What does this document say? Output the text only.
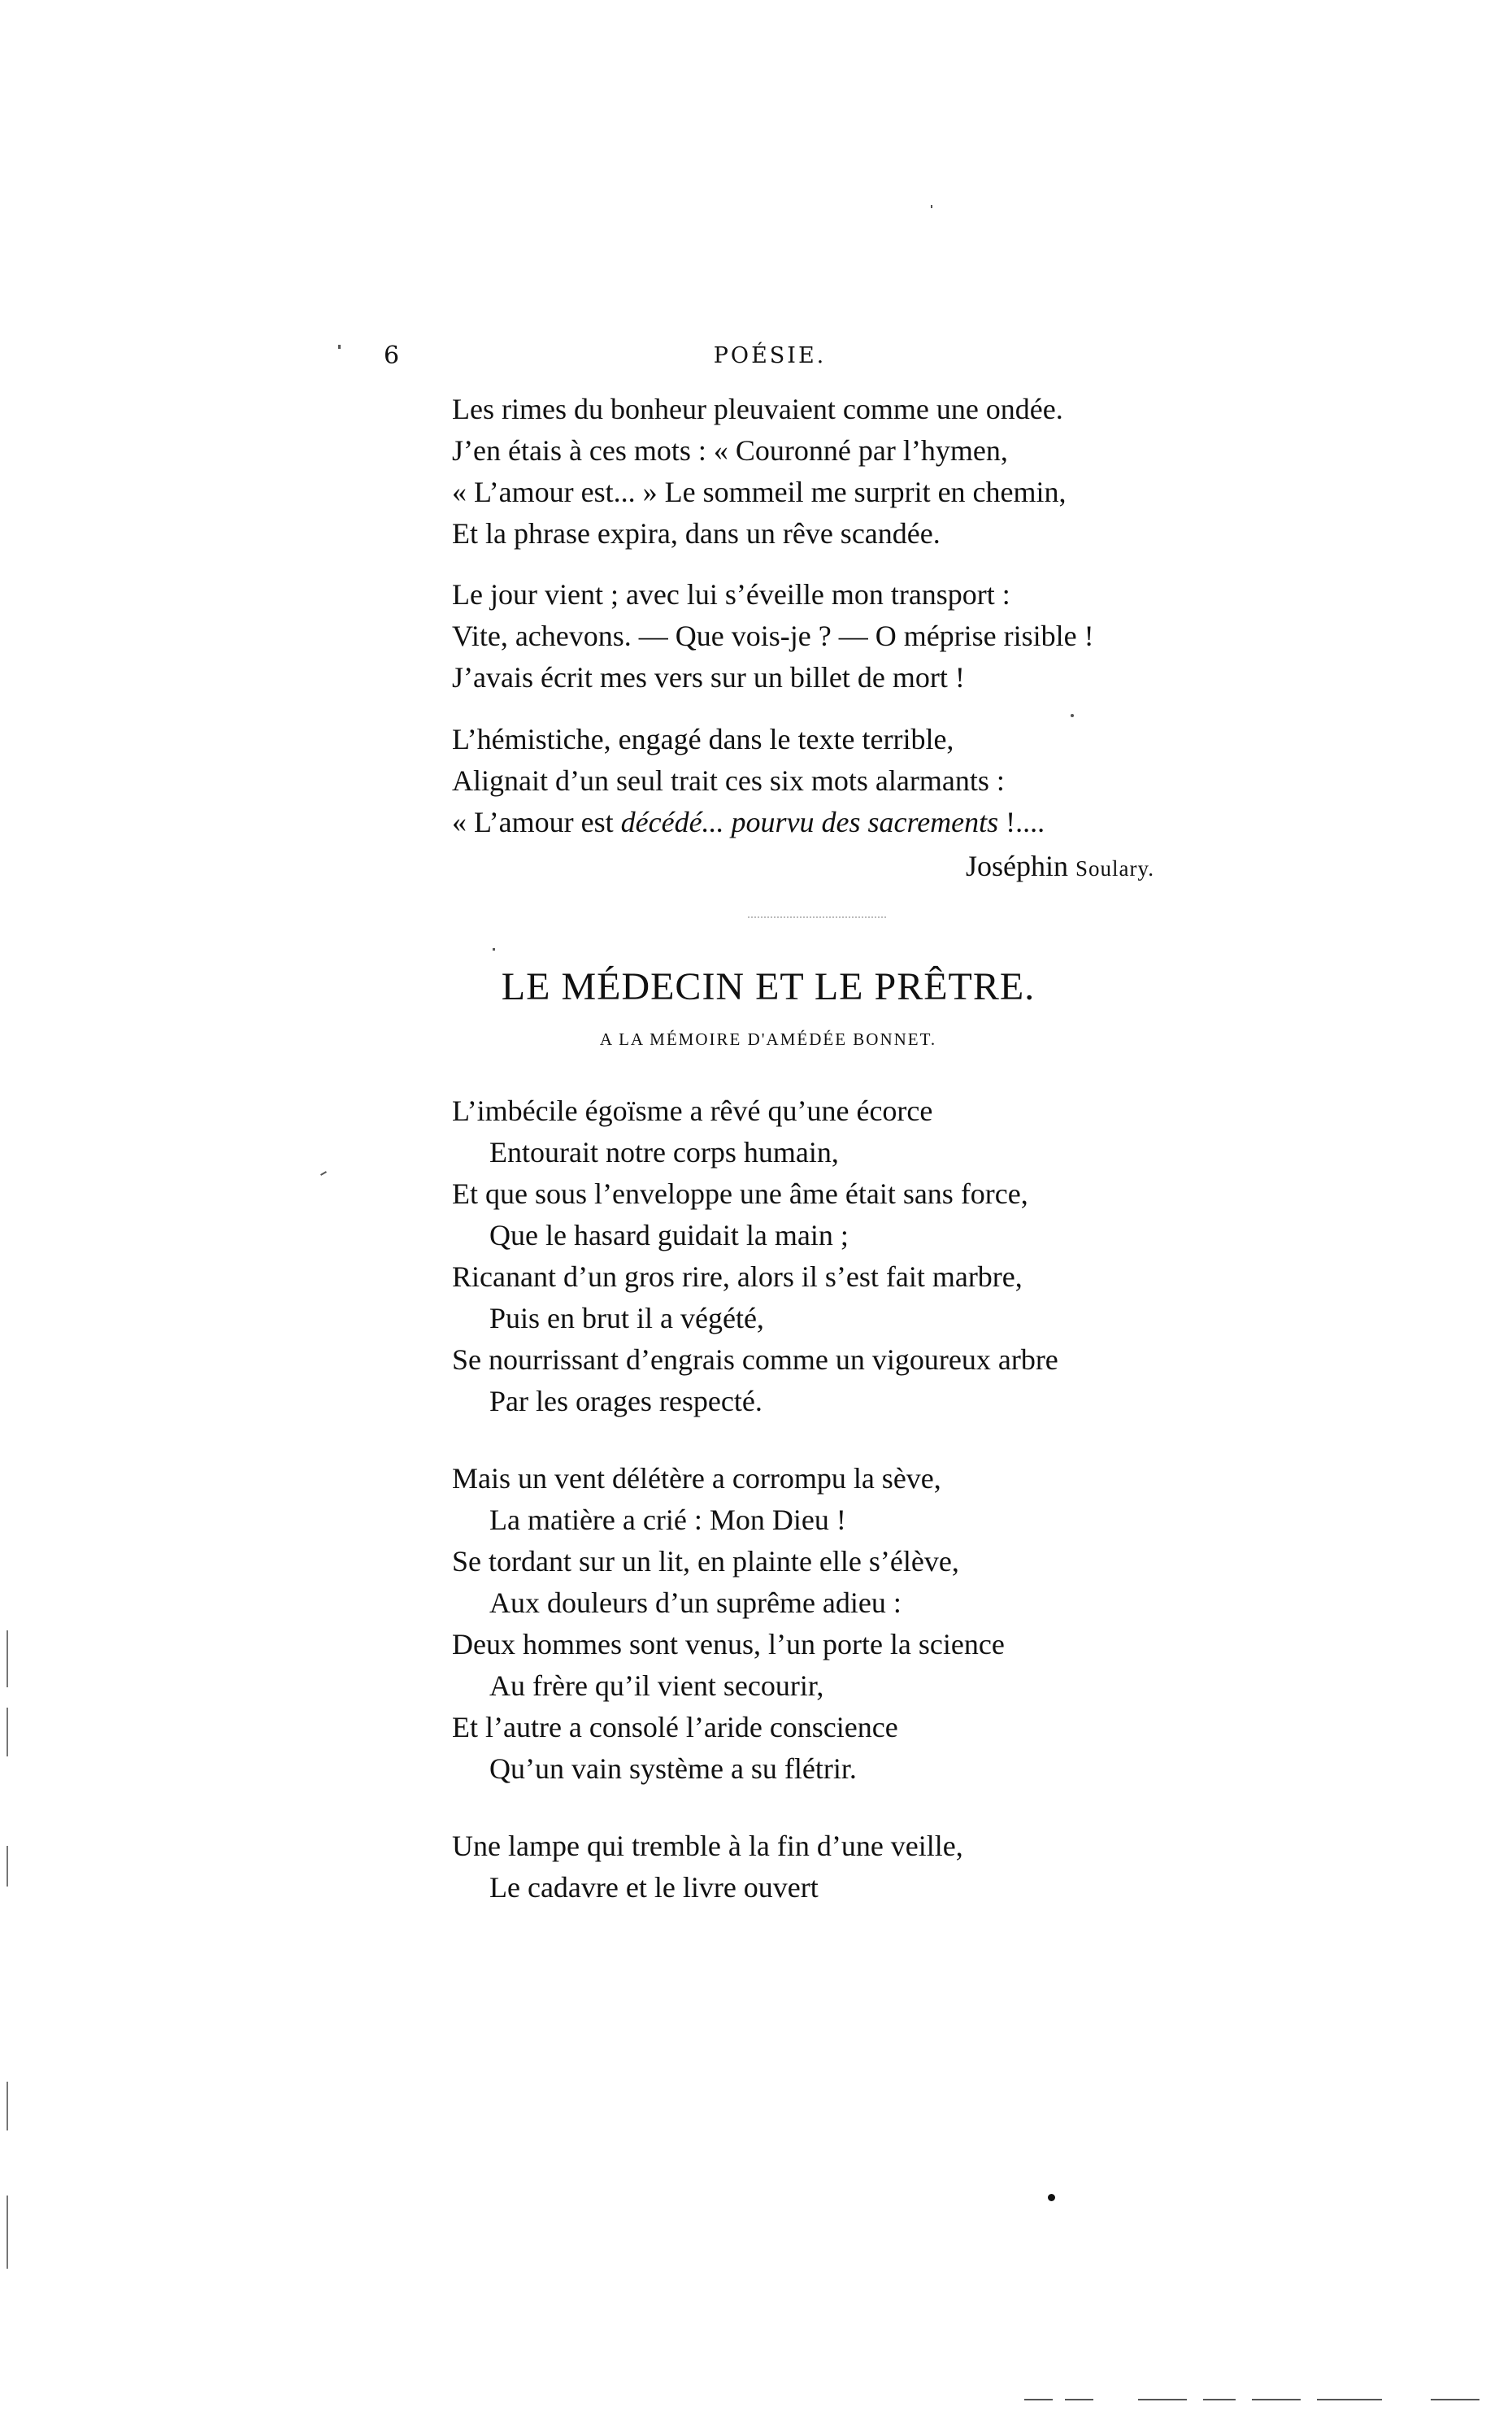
6	POÉSIE.
Les rimes du bonheur pleuvaient comme une ondée.
J’en étais à ces mots : « Couronné par l’hymen,
« L’amour est... » Le sommeil me surprit en chemin,
Et la phrase expira, dans un rêve scandée.
Le jour vient ; avec lui s’éveille mon transport :
Vite, achevons. — Que vois-je ? — O méprise risible !
J’avais écrit mes vers sur un billet de mort !
L’hémistiche, engagé dans le texte terrible,
Alignait d’un seul trait ces six mots alarmants :
« L’amour est décédé... pourvu des sacrements !....
Joséphin Soulary.
LE MÉDECIN ET LE PRÊTRE.
A LA MÉMOIRE D'AMÉDÉE BONNET.
L’imbécile égoïsme a rêvé qu’une écorce
Entourait notre corps humain,
Et que sous l’enveloppe une âme était sans force,
Que le hasard guidait la main ;
Ricanant d’un gros rire, alors il s’est fait marbre,
Puis en brut il a végété,
Se nourrissant d’engrais comme un vigoureux arbre
Par les orages respecté.
Mais un vent délétère a corrompu la sève,
La matière a crié : Mon Dieu !
Se tordant sur un lit, en plainte elle s’élève,
Aux douleurs d’un suprême adieu :
Deux hommes sont venus, l’un porte la science
Au frère qu’il vient secourir,
Et l’autre a consolé l’aride conscience
Qu’un vain système a su flétrir.
Une lampe qui tremble à la fin d’une veille,
Le cadavre et le livre ouvert
